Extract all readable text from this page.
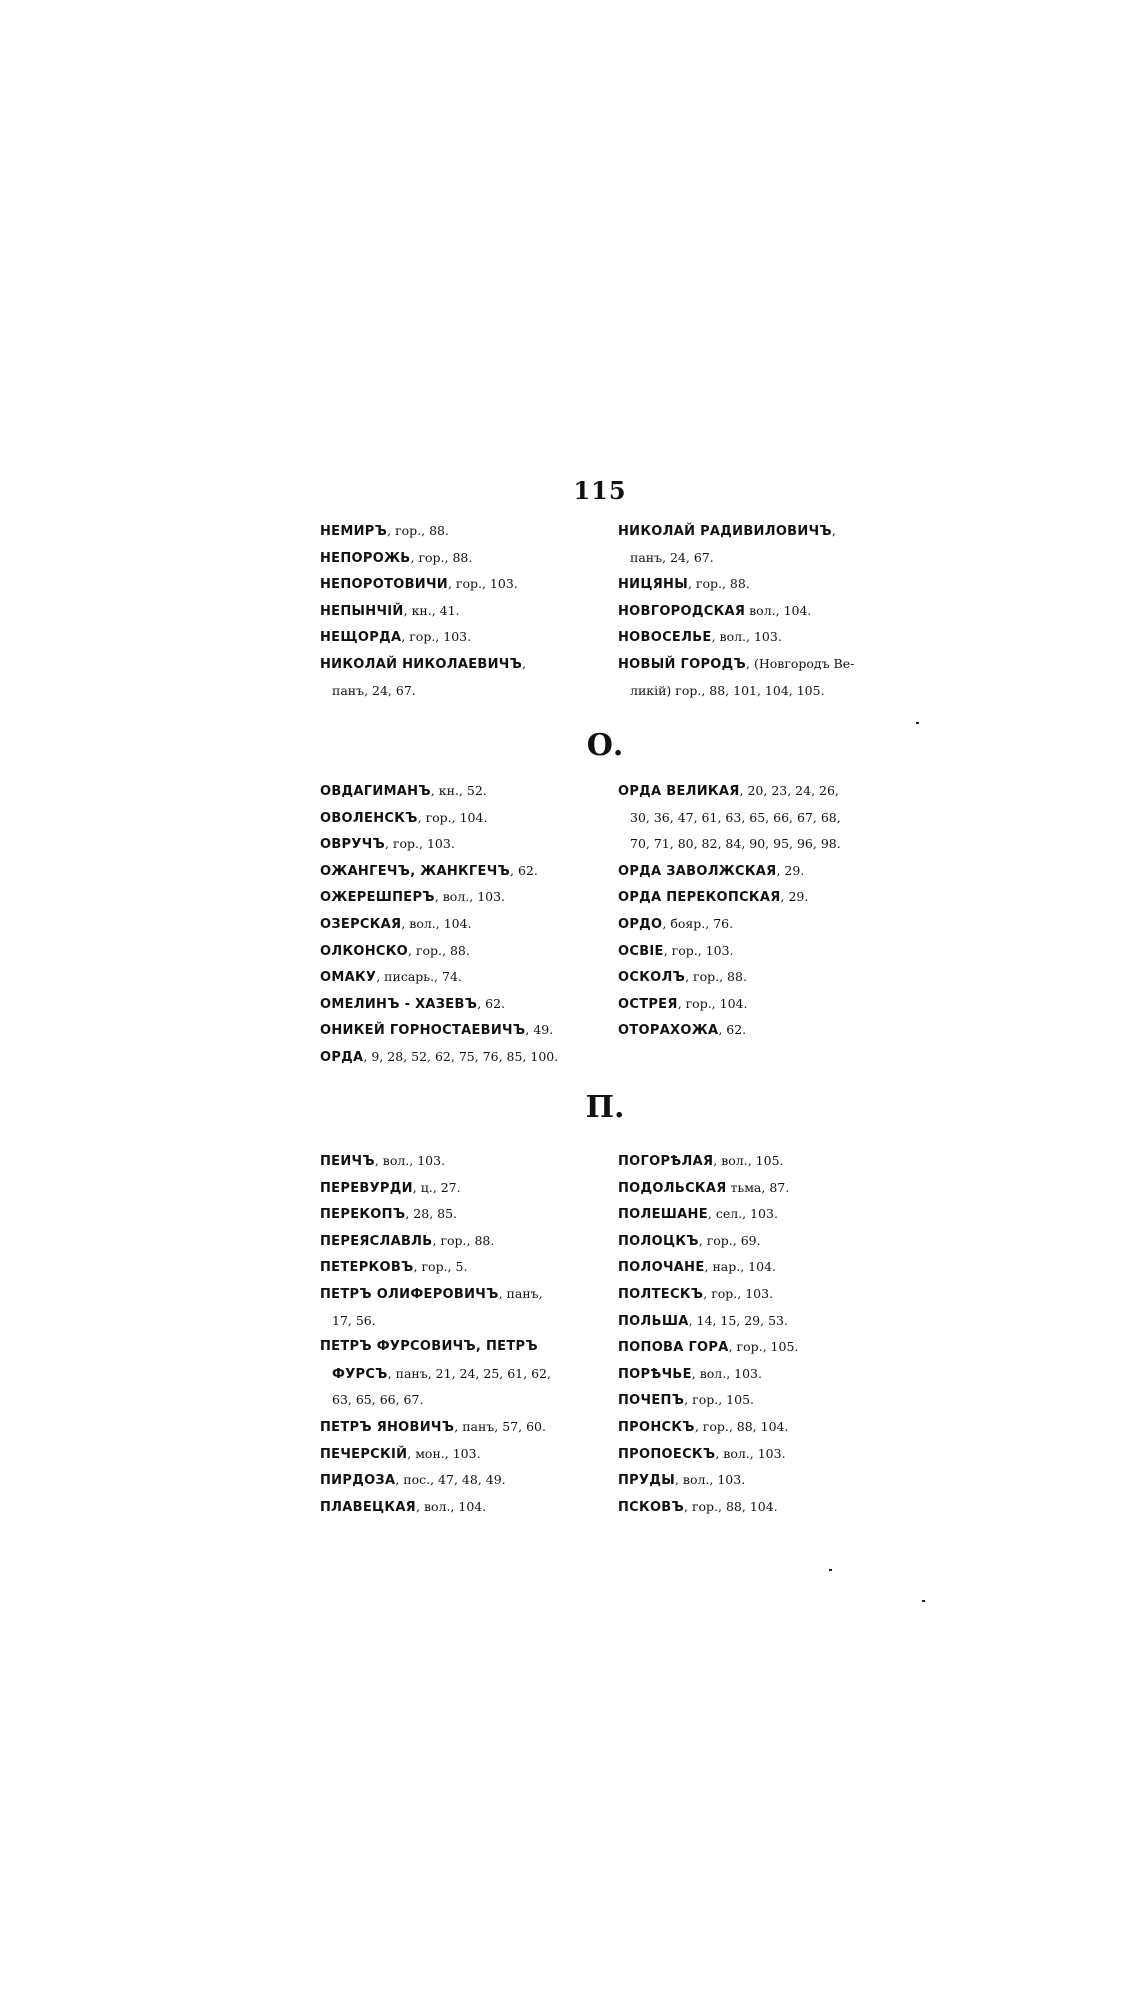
115
НЕМИРЪ, гор., 88.
НЕПОРОЖЬ, гор., 88.
НЕПОРОТОВИЧИ, гор., 103.
НЕПЫНЧІЙ, кн., 41.
НЕЩОРДА, гор., 103.
НИКОЛАЙ НИКОЛАЕВИЧЪ,
панъ, 24, 67.
НИКОЛАЙ РАДИВИЛОВИЧЪ,
панъ, 24, 67.
НИЦЯНЫ, гор., 88.
НОВГОРОДСКАЯ вол., 104.
НОВОСЕЛЬЕ, вол., 103.
НОВЫЙ ГОРОДЪ, (Новгородъ Ве-
ликій) гор., 88, 101, 104, 105.
О.
ОВДАГИМАНЪ, кн., 52.
ОВОЛЕНСКЪ, гор., 104.
ОВРУЧЪ, гор., 103.
ОЖАНГЕЧЪ, ЖАНКГЕЧЪ, 62.
ОЖЕРЕШПЕРЪ, вол., 103.
ОЗЕРСКАЯ, вол., 104.
ОЛКОНСКО, гор., 88.
ОМАКУ, писарь., 74.
ОМЕЛИНЪ - ХАЗЕВЪ, 62.
ОНИКЕЙ ГОРНОСТАЕВИЧЪ, 49.
ОРДА, 9, 28, 52, 62, 75, 76, 85, 100.
ОРДА ВЕЛИКАЯ, 20, 23, 24, 26,
30, 36, 47, 61, 63, 65, 66, 67, 68,
70, 71, 80, 82, 84, 90, 95, 96, 98.
ОРДА ЗАВОЛЖСКАЯ, 29.
ОРДА ПЕРЕКОПСКАЯ, 29.
ОРДО, бояр., 76.
ОСВІЕ, гор., 103.
ОСКОЛЪ, гор., 88.
ОСТРЕЯ, гор., 104.
ОТОРАХОЖА, 62.
П.
ПЕИЧЪ, вол., 103.
ПЕРЕВУРДИ, ц., 27.
ПЕРЕКОПЪ, 28, 85.
ПЕРЕЯСЛАВЛЬ, гор., 88.
ПЕТЕРКОВЪ, гор., 5.
ПЕТРЪ ОЛИФЕРОВИЧЪ, панъ,
17, 56.
ПЕТРЪ ФУРСОВИЧЪ, ПЕТРЪ
ФУРСЪ, панъ, 21, 24, 25, 61, 62,
63, 65, 66, 67.
ПЕТРЪ ЯНОВИЧЪ, панъ, 57, 60.
ПЕЧЕРСКІЙ, мон., 103.
ПИРДОЗА, пос., 47, 48, 49.
ПЛАВЕЦКАЯ, вол., 104.
ПОГОРѢЛАЯ, вол., 105.
ПОДОЛЬСКАЯ тьма, 87.
ПОЛЕШАНЕ, сел., 103.
ПОЛОЦКЪ, гор., 69.
ПОЛОЧАНЕ, нар., 104.
ПОЛТЕСКЪ, гор., 103.
ПОЛЬША, 14, 15, 29, 53.
ПОПОВА ГОРА, гор., 105.
ПОРѢЧЬЕ, вол., 103.
ПОЧЕПЪ, гор., 105.
ПРОНСКЪ, гор., 88, 104.
ПРОПОЕСКЪ, вол., 103.
ПРУДЫ, вол., 103.
ПСКОВЪ, гор., 88, 104.
